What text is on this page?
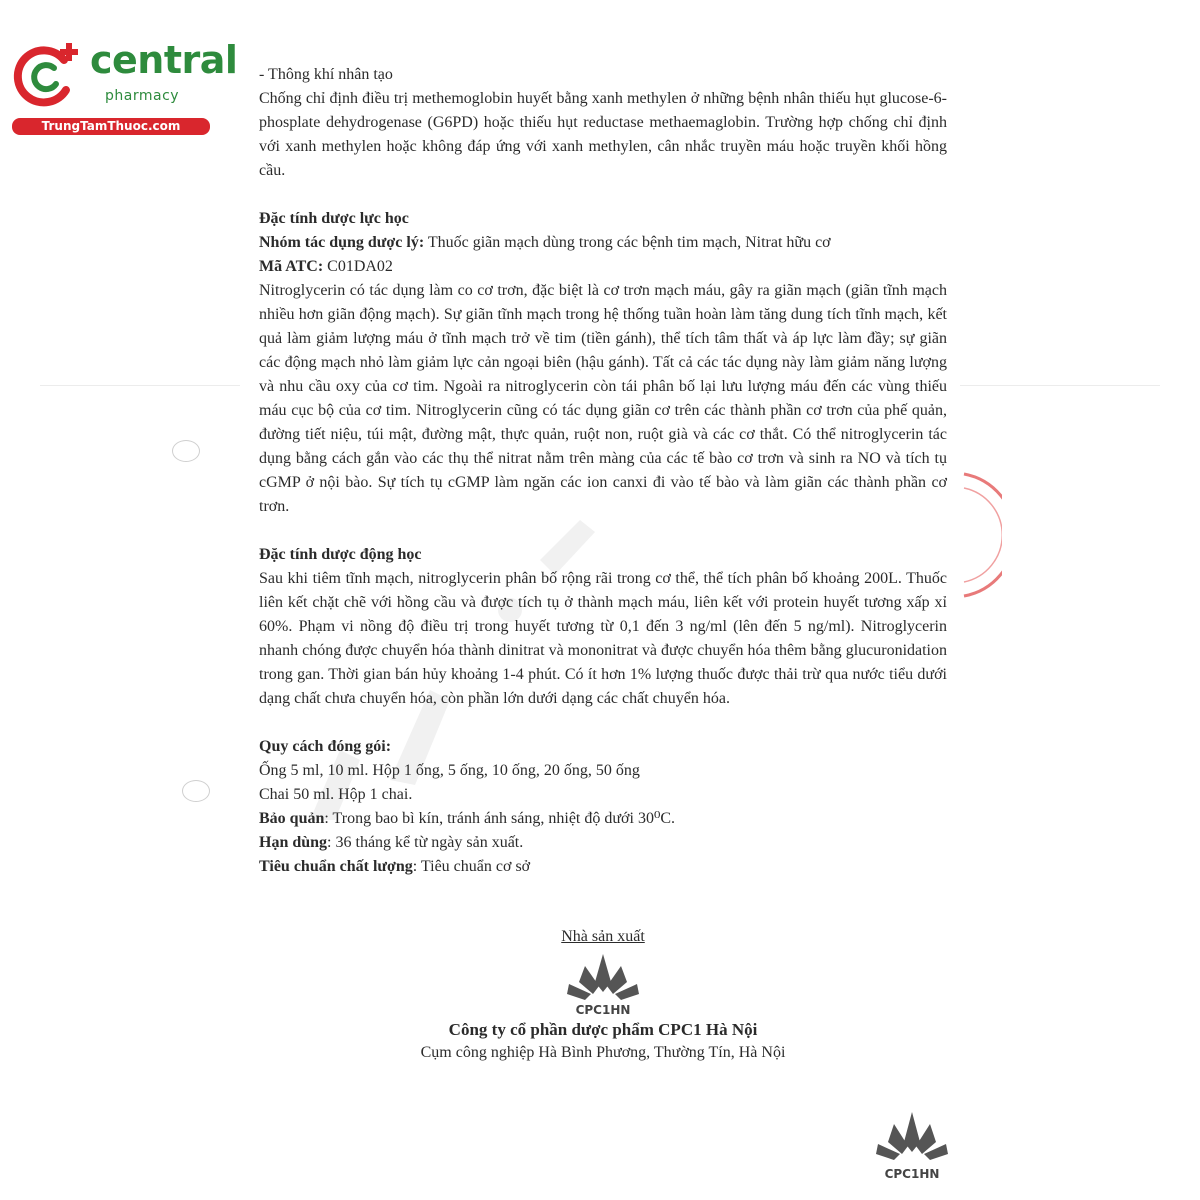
central
pharmacy
TrungTamThuoc.com

- Thông khí nhân tạo

Chống chỉ định điều trị methemoglobin huyết bằng xanh methylen ở những bệnh nhân thiếu hụt glucose-6-phosplate dehydrogenase (G6PD) hoặc thiếu hụt reductase methaemaglobin. Trường hợp chống chỉ định với xanh methylen hoặc không đáp ứng với xanh methylen, cân nhắc truyền máu hoặc truyền khối hồng cầu.

Đặc tính dược lực học

Nhóm tác dụng dược lý: Thuốc giãn mạch dùng trong các bệnh tim mạch, Nitrat hữu cơ

Mã ATC: C01DA02

Nitroglycerin có tác dụng làm co cơ trơn, đặc biệt là cơ trơn mạch máu, gây ra giãn mạch (giãn tĩnh mạch nhiều hơn giãn động mạch). Sự giãn tĩnh mạch trong hệ thống tuần hoàn làm tăng dung tích tĩnh mạch, kết quả làm giảm lượng máu ở tĩnh mạch trở về tim (tiền gánh), thể tích tâm thất và áp lực làm đầy; sự giãn các động mạch nhỏ làm giảm lực cản ngoại biên (hậu gánh). Tất cả các tác dụng này làm giảm năng lượng và nhu cầu oxy của cơ tim. Ngoài ra nitroglycerin còn tái phân bố lại lưu lượng máu đến các vùng thiếu máu cục bộ của cơ tim. Nitroglycerin cũng có tác dụng giãn cơ trên các thành phần cơ trơn của phế quản, đường tiết niệu, túi mật, đường mật, thực quản, ruột non, ruột già và các cơ thắt. Có thể nitroglycerin tác dụng bằng cách gắn vào các thụ thể nitrat nằm trên màng của các tế bào cơ trơn và sinh ra NO và tích tụ cGMP ở nội bào. Sự tích tụ cGMP làm ngăn các ion canxi đi vào tế bào và làm giãn các thành phần cơ trơn.

Đặc tính dược động học

Sau khi tiêm tĩnh mạch, nitroglycerin phân bố rộng rãi trong cơ thể, thể tích phân bố khoảng 200L. Thuốc liên kết chặt chẽ với hồng cầu và được tích tụ ở thành mạch máu, liên kết với protein huyết tương xấp xỉ 60%. Phạm vi nồng độ điều trị trong huyết tương từ 0,1 đến 3 ng/ml (lên đến 5 ng/ml). Nitroglycerin nhanh chóng được chuyển hóa thành dinitrat và mononitrat và được chuyển hóa thêm bằng glucuronidation trong gan. Thời gian bán hủy khoảng 1-4 phút. Có ít hơn 1% lượng thuốc được thải trừ qua nước tiểu dưới dạng chất chưa chuyển hóa, còn phần lớn dưới dạng các chất chuyển hóa.

Quy cách đóng gói:

Ống 5 ml, 10 ml. Hộp 1 ống, 5 ống, 10 ống, 20 ống, 50 ống

Chai 50 ml. Hộp 1 chai.

Bảo quản: Trong bao bì kín, tránh ánh sáng, nhiệt độ dưới 30⁰C.

Hạn dùng: 36 tháng kể từ ngày sản xuất.

Tiêu chuẩn chất lượng: Tiêu chuẩn cơ sở

Nhà sản xuất
CPC1HN
Công ty cổ phần dược phẩm CPC1 Hà Nội
Cụm công nghiệp Hà Bình Phương, Thường Tín, Hà Nội
CPC1HN
